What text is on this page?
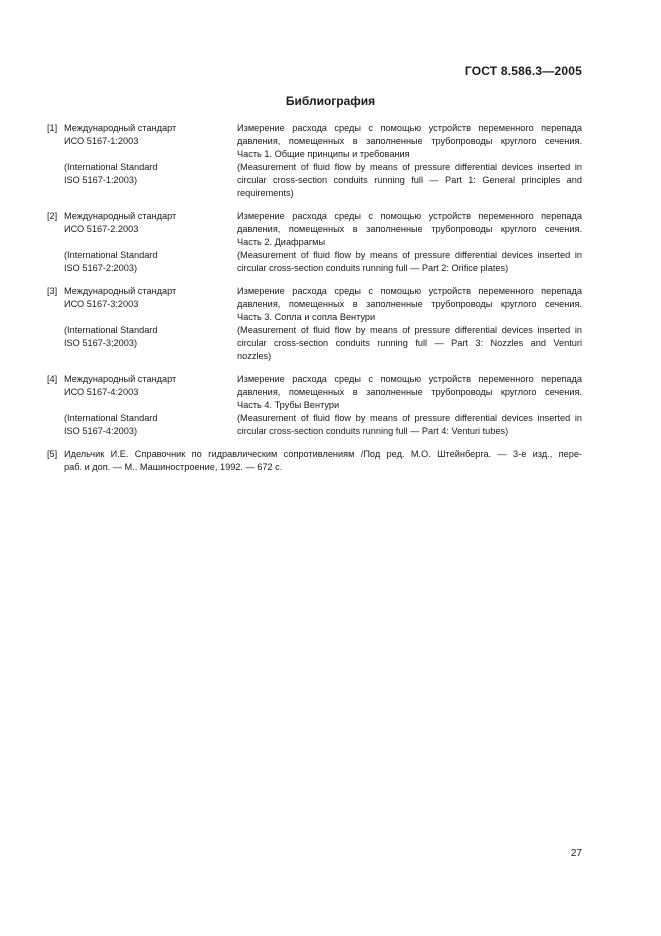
ГОСТ 8.586.3—2005
Библиография
[1] Международный стандарт
ИСО 5167-1:2003
Измерение расхода среды с помощью устройств переменного перепада
давления, помещенных в заполненные трубопроводы круглого сечения.
Часть 1. Общие принципы и требования
(International Standard
ISO 5167-1:2003)
(Measurement of fluid flow by means of pressure differential devices inserted in
circular cross-section conduits running full — Part 1: General principles and
requirements)
[2] Международный стандарт
ИСО 5167-2.2003
Измерение расхода среды с помощью устройств переменного перепада
давления, помещенных в заполненные трубопроводы круглого сечения.
Часть 2. Диафрагмы
(International Standard
ISO 5167-2:2003)
(Measurement of fluid flow by means of pressure differential devices inserted in
circular cross-section conduits running full — Part 2: Orifice plates)
[3] Международный стандарт
ИСО 5167-3:2003
Измерение расхода среды с помощью устройств переменного перепада
давления, помещенных в заполненные трубопроводы круглого сечения.
Часть 3. Сопла и сопла Вентури
(International Standard
ISO 5167-3;2003)
(Measurement of fluid flow by means of pressure differential devices inserted in
circular cross-section conduits running full — Part 3: Nozzles and Venturi
nozzles)
[4] Международный стандарт
ИСО 5167-4:2003
Измерение расхода среды с помощью устройств переменного перепада
давления, помещенных в заполненные трубопроводы круглого сечения.
Часть 4. Трубы Вентури
(International Standard
ISO 5167-4:2003)
(Measurement of fluid flow by means of pressure differential devices inserted in
circular cross-section conduits running full — Part 4: Venturi tubes)
[5] Идельчик И.Е. Справочник по гидравлическим сопротивлениям /Под ред. М.О. Штейнберга. — 3-е изд., пере-
раб. и доп. — М.. Машиностроение, 1992. — 672 с.
27
